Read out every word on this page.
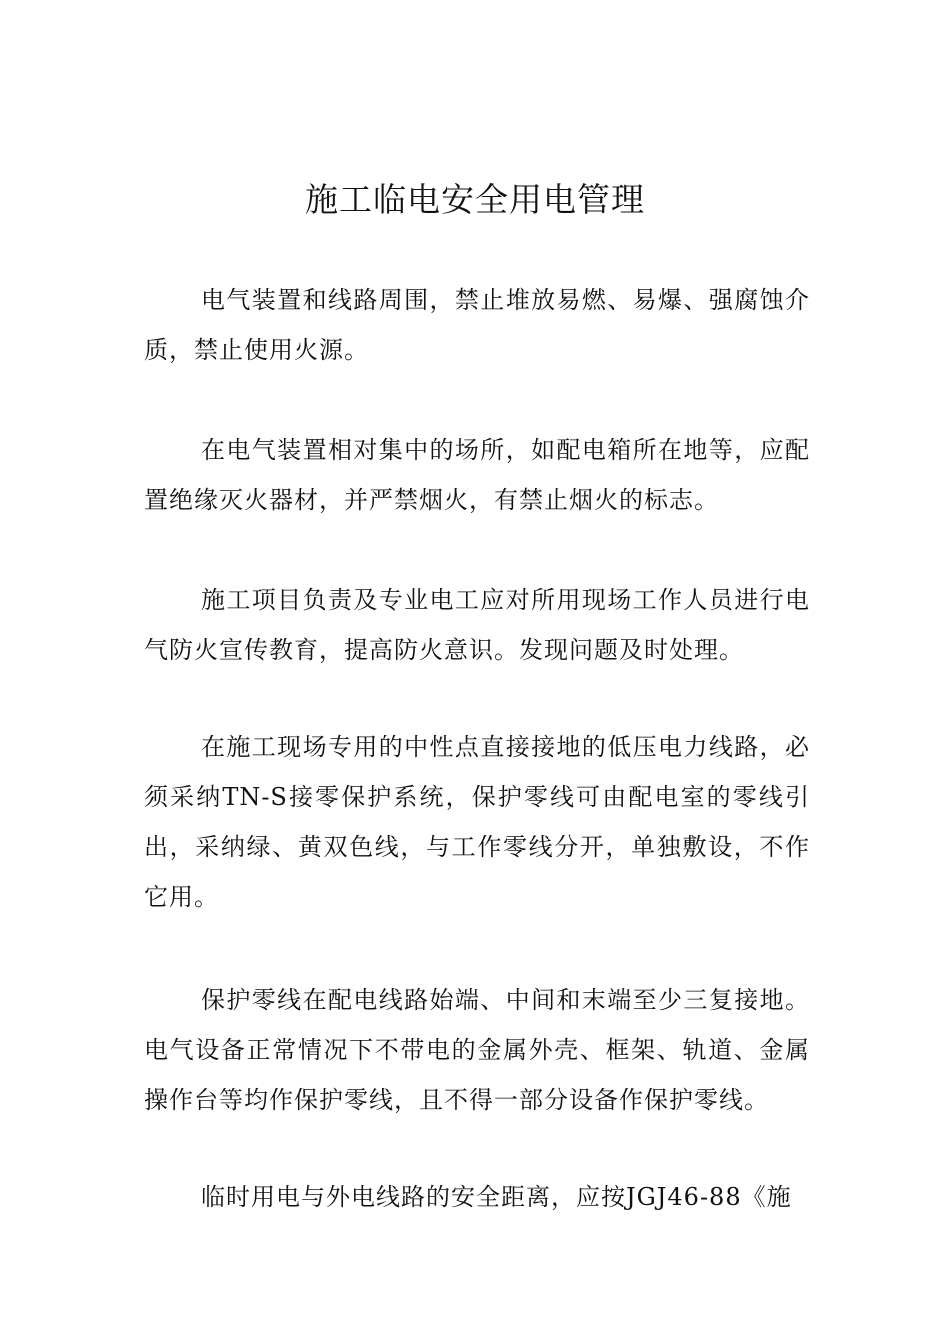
施工临电安全用电管理

电气装置和线路周围，禁止堆放易燃、易爆、强腐蚀介质，禁止使用火源。

在电气装置相对集中的场所，如配电箱所在地等，应配置绝缘灭火器材，并严禁烟火，有禁止烟火的标志。

施工项目负责及专业电工应对所用现场工作人员进行电气防火宣传教育，提高防火意识。发现问题及时处理。

在施工现场专用的中性点直接接地的低压电力线路，必须采纳TN-S接零保护系统，保护零线可由配电室的零线引出，采纳绿、黄双色线，与工作零线分开，单独敷设，不作它用。

保护零线在配电线路始端、中间和末端至少三复接地。电气设备正常情况下不带电的金属外壳、框架、轨道、金属操作台等均作保护零线，且不得一部分设备作保护零线。

临时用电与外电线路的安全距离，应按JGJ46-88《施
